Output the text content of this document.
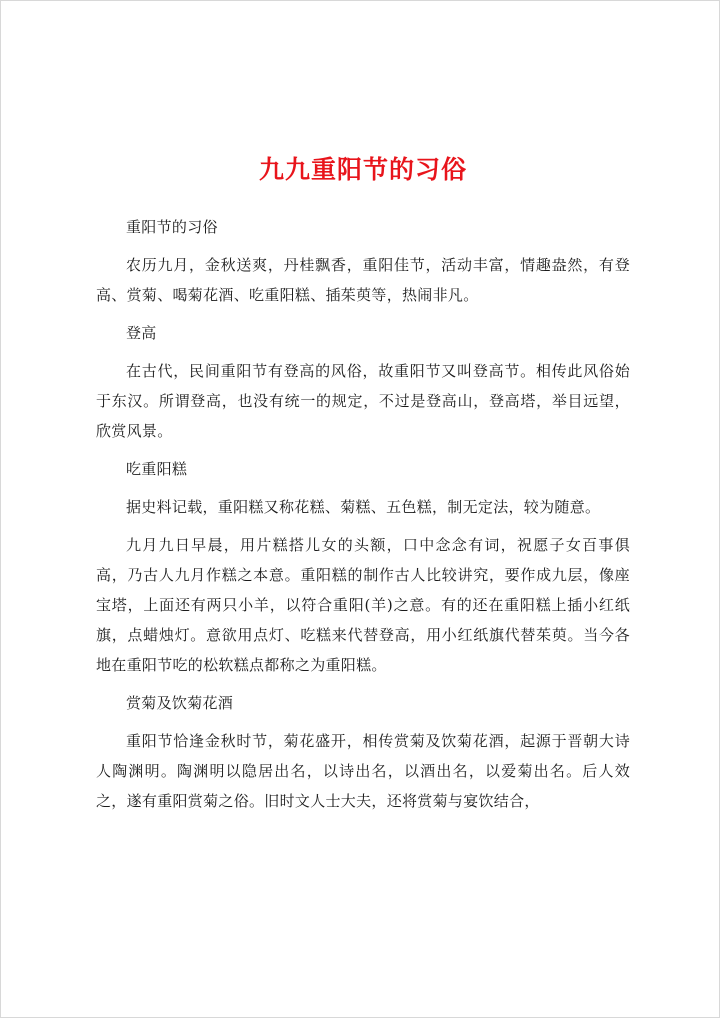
九九重阳节的习俗

重阳节的习俗

农历九月，金秋送爽，丹桂飘香，重阳佳节，活动丰富，情趣盎然，有登高、赏菊、喝菊花酒、吃重阳糕、插茱萸等，热闹非凡。

登高

在古代，民间重阳节有登高的风俗，故重阳节又叫登高节。相传此风俗始于东汉。所谓登高，也没有统一的规定，不过是登高山，登高塔，举目远望，欣赏风景。

吃重阳糕

据史料记载，重阳糕又称花糕、菊糕、五色糕，制无定法，较为随意。

九月九日早晨，用片糕搭儿女的头额，口中念念有词，祝愿子女百事俱高，乃古人九月作糕之本意。重阳糕的制作古人比较讲究，要作成九层，像座宝塔，上面还有两只小羊，以符合重阳(羊)之意。有的还在重阳糕上插小红纸旗，点蜡烛灯。意欲用点灯、吃糕来代替登高，用小红纸旗代替茱萸。当今各地在重阳节吃的松软糕点都称之为重阳糕。

赏菊及饮菊花酒

重阳节恰逢金秋时节，菊花盛开，相传赏菊及饮菊花酒，起源于晋朝大诗人陶渊明。陶渊明以隐居出名，以诗出名，以酒出名，以爱菊出名。后人效之，遂有重阳赏菊之俗。旧时文人士大夫，还将赏菊与宴饮结合，
